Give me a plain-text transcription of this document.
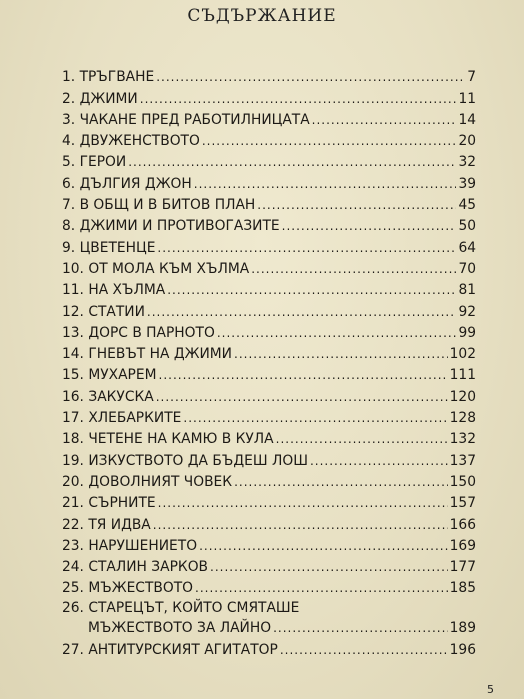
СЪДЪРЖАНИЕ
1. ТРЪГВАНЕ .....	7
2. ДЖИМИ .....	11
3. ЧАКАНЕ ПРЕД РАБОТИЛНИЦАТА .....	14
4. ДВУЖЕНСТВОТО .....	20
5. ГЕРОИ .....	32
6. ДЪЛГИЯ ДЖОН .....	39
7. В ОБЩ И В БИТОВ ПЛАН .....	45
8. ДЖИМИ И ПРОТИВОГАЗИТЕ .....	50
9. ЦВЕТЕНЦЕ .....	64
10. ОТ МОЛА КЪМ ХЪЛМА .....	70
11. НА ХЪЛМА .....	81
12. СТАТИИ .....	92
13. ДОРС В ПАРНОТО .....	99
14. ГНЕВЪТ НА ДЖИМИ .....	102
15. МУХАРЕМ .....	111
16. ЗАКУСКА .....	120
17. ХЛЕБАРКИТЕ .....	128
18. ЧЕТЕНЕ НА КАМЮ В КУЛА .....	132
19. ИЗКУСТВОТО ДА БЪДЕШ ЛОШ .....	137
20. ДОВОЛНИЯТ ЧОВЕК .....	150
21. СЪРНИТЕ .....	157
22. ТЯ ИДВА .....	166
23. НАРУШЕНИЕТО .....	169
24. СТАЛИН ЗАРКОВ .....	177
25. МЪЖЕСТВОТО .....	185
26.
СТАРЕЦЪТ, КОЙТО СМЯТАШЕ
МЪЖЕСТВОТО ЗА ЛАЙНО .....	189
27. АНТИТУРСКИЯТ АГИТАТОР .....	196
5
